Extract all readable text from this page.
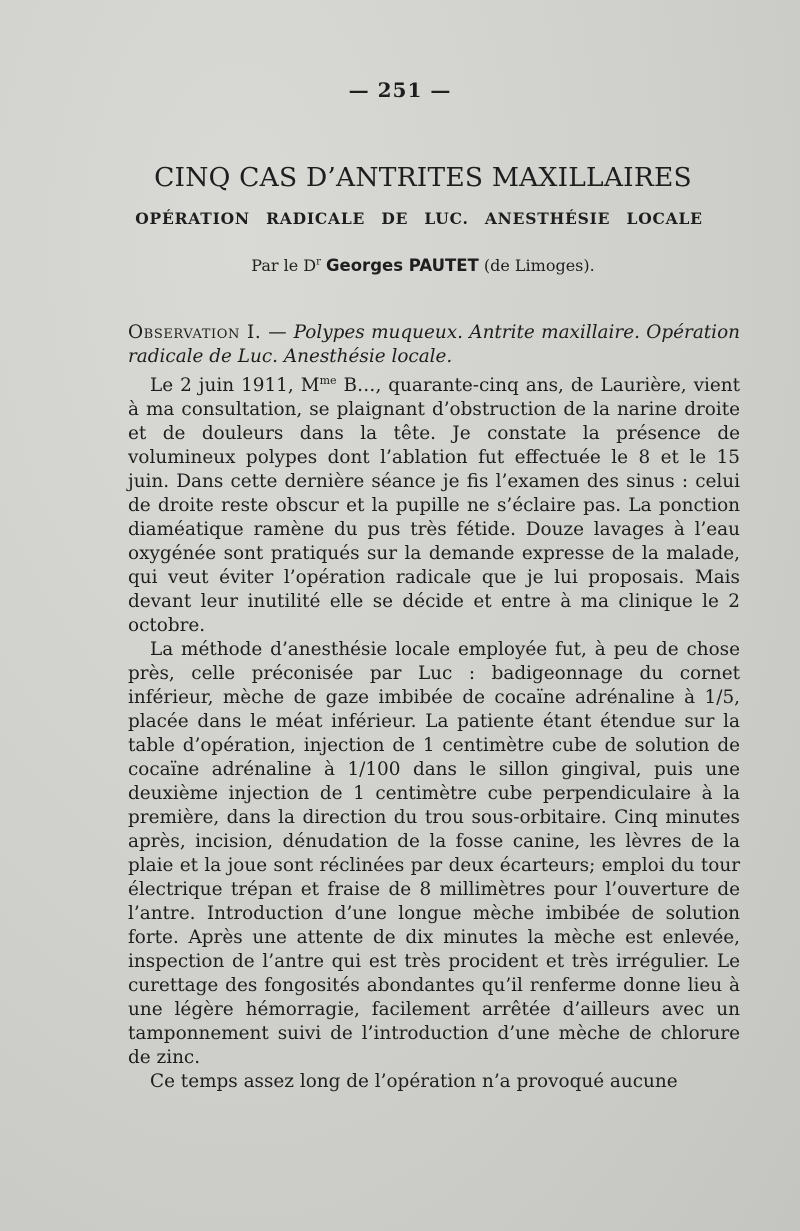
— 251 —
CINQ CAS D’ANTRITES MAXILLAIRES
OPÉRATION RADICALE DE LUC. ANESTHÉSIE LOCALE
Par le $D^r$ Georges PAUTET (de Limoges).

Observation I. — Polypes muqueux. Antrite maxillaire. Opération radicale de Luc. Anesthésie locale.

Le 2 juin 1911, $M^{me}$ B…, quarante-cinq ans, de Laurière, vient à ma consultation, se plaignant d’obstruction de la narine droite et de douleurs dans la tête. Je constate la présence de volumineux polypes dont l’ablation fut effectuée le 8 et le 15 juin. Dans cette dernière séance je fis l’examen des sinus : celui de droite reste obscur et la pupille ne s’éclaire pas. La ponction diaméatique ramène du pus très fétide. Douze lavages à l’eau oxygénée sont pratiqués sur la demande expresse de la malade, qui veut éviter l’opération radicale que je lui proposais. Mais devant leur inutilité elle se décide et entre à ma clinique le 2 octobre.

La méthode d’anesthésie locale employée fut, à peu de chose près, celle préconisée par Luc : badigeonnage du cornet inférieur, mèche de gaze imbibée de cocaïne adrénaline à 1/5, placée dans le méat inférieur. La patiente étant étendue sur la table d’opération, injection de 1 centimètre cube de solution de cocaïne adrénaline à 1/100 dans le sillon gingival, puis une deuxième injection de 1 centimètre cube perpendiculaire à la première, dans la direction du trou sous-orbitaire. Cinq minutes après, incision, dénudation de la fosse canine, les lèvres de la plaie et la joue sont réclinées par deux écarteurs; emploi du tour électrique trépan et fraise de 8 millimètres pour l’ouverture de l’antre. Introduction d’une longue mèche imbibée de solution forte. Après une attente de dix minutes la mèche est enlevée, inspection de l’antre qui est très procident et très irrégulier. Le curettage des fongosités abondantes qu’il renferme donne lieu à une légère hémorragie, facilement arrêtée d’ailleurs avec un tamponnement suivi de l’introduction d’une mèche de chlorure de zinc.

Ce temps assez long de l’opération n’a provoqué aucune
